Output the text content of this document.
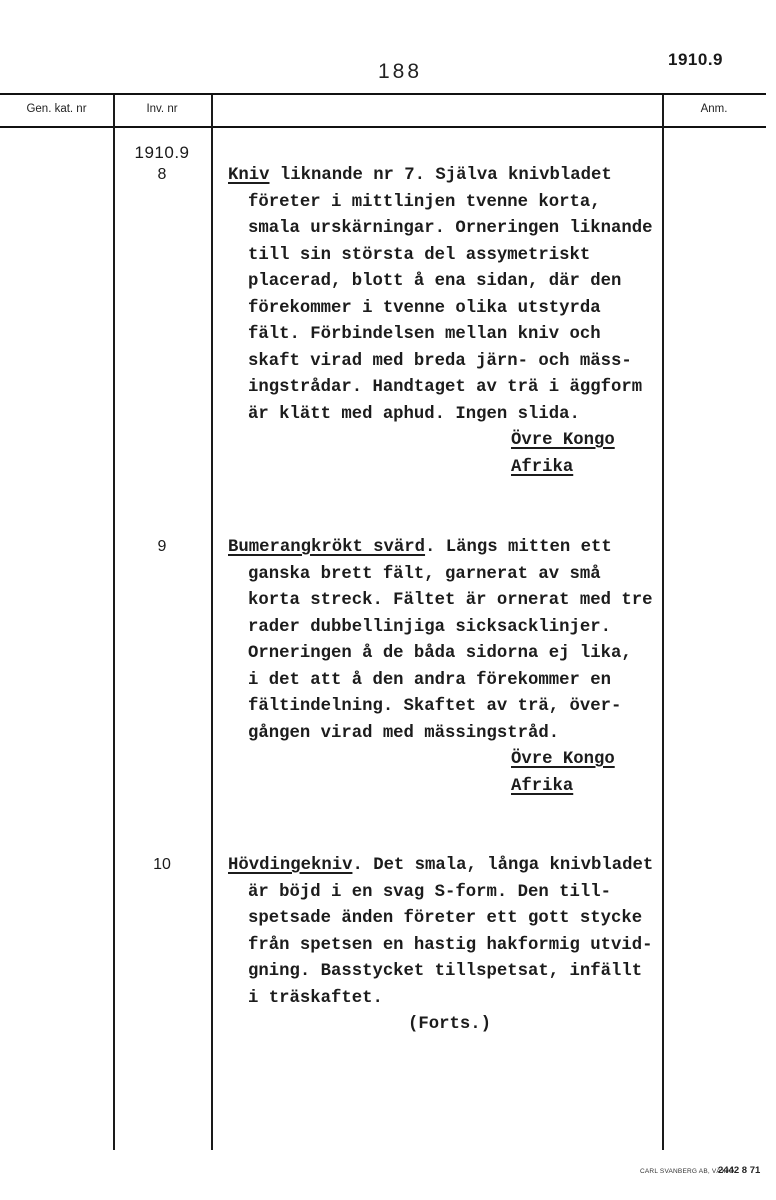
188
1910.9
Gen. kat. nr	Inv. nr	Anm.
1910.9
8	Kniv liknande nr 7. Själva knivbladet
företer i mittlinjen tvenne korta,
smala urskärningar. Orneringen liknande
till sin största del assymetriskt
placerad, blott å ena sidan, där den
förekommer i tvenne olika utstyrda
fält. Förbindelsen mellan kniv och
skaft virad med breda järn- och mäss-
ingstrådar. Handtaget av trä i äggform
är klätt med aphud. Ingen slida.
Övre Kongo
Afrika
9	Bumerangkrökt svärd. Längs mitten ett
ganska brett fält, garnerat av små
korta streck. Fältet är ornerat med tre
rader dubbellinjiga sicksacklinjer.
Orneringen å de båda sidorna ej lika,
i det att å den andra förekommer en
fältindelning. Skaftet av trä, över-
gången virad med mässingstråd.
Övre Kongo
Afrika
10	Hövdingekniv. Det smala, långa knivbladet
är böjd i en svag S-form. Den till-
spetsade änden företer ett gott stycke
från spetsen en hastig hakformig utvid-
gning. Basstycket tillspetsat, infällt
i träskaftet.
(Forts.)
CARL SVANBERG AB, VÄXJÖ
2442 8 71
